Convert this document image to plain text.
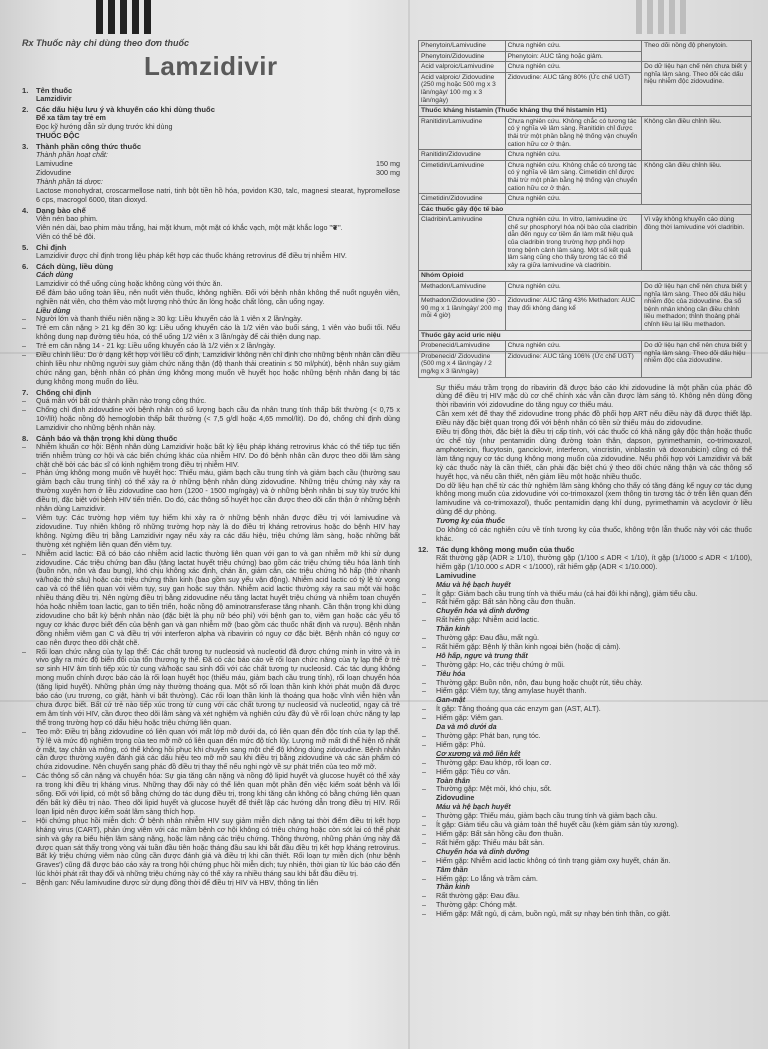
Rx Thuốc này chỉ dùng theo đơn thuốc
Lamzidivir
1.	Tên thuốc
Lamzidivir
2.	Các dấu hiệu lưu ý và khuyến cáo khi dùng thuốc
Để xa tầm tay trẻ em
Đọc kỹ hướng dẫn sử dụng trước khi dùng
THUỐC ĐỘC
3.	Thành phần công thức thuốc
Thành phần hoạt chất:
Lamivudine	150 mg
Zidovudine	300 mg
Thành phần tá dược:
Lactose monohydrat, croscarmellose natri, tinh bột tiền hồ hóa, povidon K30, talc, magnesi stearat, hypromellose 6 cps, macrogol 6000, titan dioxyd.
4.	Dạng bào chế
Viên nén bao phim.
Viên nén dài, bao phim màu trắng, hai mặt khum, một mặt có khắc vạch, một mặt khắc logo "❦".
Viên có thể bẻ đôi.
5.	Chỉ định
Lamzidivir được chỉ định trong liệu pháp kết hợp các thuốc kháng retrovirus để điều trị nhiễm HIV.
6.	Cách dùng, liều dùng
Cách dùng
Lamzidivir có thể uống cùng hoặc không cùng với thức ăn.
Để đảm bảo uống toàn liều, nên nuốt viên thuốc, không nghiền. Đối với bệnh nhân không thể nuốt nguyên viên, nghiền nát viên, cho thêm vào một lượng nhỏ thức ăn lỏng hoặc chất lỏng, cần uống ngay.
Liều dùng
–	Người lớn và thanh thiếu niên nặng ≥ 30 kg: Liều khuyến cáo là 1 viên x 2 lần/ngày.
–	Trẻ em cân nặng > 21 kg đến 30 kg: Liều uống khuyến cáo là 1/2 viên vào buổi sáng, 1 viên vào buổi tối. Nếu không dung nạp đường tiêu hóa, có thể uống 1/2 viên x 3 lần/ngày để cải thiện dung nạp.
–	Trẻ em cân nặng 14 - 21 kg: Liều uống khuyến cáo là 1/2 viên x 2 lần/ngày.
–	Điều chỉnh liều: Do ở dạng kết hợp với liều cố định, Lamzidivir không nên chỉ định cho những bệnh nhân cần điều chỉnh liều như những người suy giảm chức năng thận (độ thanh thải creatinin ≤ 50 ml/phút), bệnh nhân suy giảm chức năng gan, bệnh nhân có phản ứng không mong muốn về huyết học hoặc những bệnh nhân đang bị tác dụng không mong muốn do liều.
7.	Chống chỉ định
–	Quá mẫn với bất cứ thành phần nào trong công thức.
–	Chống chỉ định zidovudine với bệnh nhân có số lượng bạch cầu đa nhân trung tính thấp bất thường (< 0,75 x 10⁹/lít) hoặc nồng độ hemoglobin thấp bất thường (< 7,5 g/dl hoặc 4,65 mmol/lít). Do đó, chống chỉ định dùng Lamzidivir cho những bệnh nhân này.
8.	Cảnh báo và thận trọng khi dùng thuốc
–	Nhiễm khuẩn cơ hội: Bệnh nhân dùng Lamzidivir hoặc bất kỳ liệu pháp kháng retrovirus khác có thể tiếp tục tiến triển nhiễm trùng cơ hội và các biến chứng khác của nhiễm HIV. Do đó bệnh nhân cần được theo dõi lâm sàng chặt chẽ bởi các bác sĩ có kinh nghiệm trong điều trị nhiễm HIV.
–	Phản ứng không mong muốn về huyết học: Thiếu máu, giảm bạch cầu trung tính và giảm bạch cầu (thường sau giảm bạch cầu trung tính) có thể xảy ra ở những bệnh nhân dùng zidovudine. Những triệu chứng này xảy ra thường xuyên hơn ở liều zidovudine cao hơn (1200 - 1500 mg/ngày) và ở những bệnh nhân bị suy tủy trước khi điều trị, đặc biệt với bệnh HIV tiến triển. Do đó, các thông số huyết học cần được theo dõi cẩn thận ở những bệnh nhân dùng Lamzidivir.
–	Viêm tụy: Các trường hợp viêm tụy hiếm khi xảy ra ở những bệnh nhân được điều trị với lamivudine và zidovudine. Tuy nhiên không rõ những trường hợp này là do điều trị kháng retrovirus hoặc do bệnh HIV hay không. Ngừng điều trị bằng Lamzidivir ngay nếu xảy ra các dấu hiệu, triệu chứng lâm sàng, hoặc những bất thường xét nghiệm liên quan đến viêm tụy.
–	Nhiễm acid lactic: Đã có báo cáo nhiễm acid lactic thường liên quan với gan to và gan nhiễm mỡ khi sử dụng zidovudine. Các triệu chứng ban đầu (tăng lactat huyết triệu chứng) bao gồm các triệu chứng tiêu hóa lành tính (buồn nôn, nôn và đau bụng), khó chịu không xác định, chán ăn, giảm cân, các triệu chứng hô hấp (thở nhanh và/hoặc thở sâu) hoặc các triệu chứng thần kinh (bao gồm suy yếu vận động). Nhiễm acid lactic có tỷ lệ tử vong cao và có thể liên quan với viêm tụy, suy gan hoặc suy thận. Nhiễm acid lactic thường xảy ra sau một vài hoặc nhiều tháng điều trị. Nên ngừng điều trị bằng zidovudine nếu tăng lactat huyết triệu chứng và nhiễm toan chuyển hóa hoặc nhiễm toan lactic, gan to tiến triển, hoặc nồng độ aminotransferase tăng nhanh. Cần thận trọng khi dùng zidovudine cho bất kỳ bệnh nhân nào (đặc biệt là phụ nữ béo phì) với bệnh gan to, viêm gan hoặc các yếu tố nguy cơ khác được biết đến của bệnh gan và gan nhiễm mỡ (bao gồm các thuốc nhất định và rượu). Bệnh nhân đồng nhiễm viêm gan C và điều trị với interferon alpha và ribavirin có nguy cơ đặc biệt. Bệnh nhân có nguy cơ cao nên được theo dõi chặt chẽ.
–	Rối loạn chức năng của ty lạp thể: Các chất tương tự nucleosid và nucleotid đã được chứng minh in vitro và in vivo gây ra mức độ biến đổi của tổn thương ty thể. Đã có các báo cáo về rối loạn chức năng của ty lạp thể ở trẻ sơ sinh HIV âm tính tiếp xúc từ cung và/hoặc sau sinh đối với các chất tương tự nucleosid. Các tác dụng không mong muốn chính được báo cáo là rối loạn huyết học (thiếu máu, giảm bạch cầu trung tính), rối loạn chuyển hóa (tăng lipid huyết). Những phản ứng này thường thoáng qua. Một số rối loạn thần kinh khởi phát muộn đã được báo cáo (ưu trương, co giật, hành vi bất thường). Các rối loạn thần kinh là thoáng qua hoặc vĩnh viễn hiện vẫn chưa được biết. Bất cứ trẻ nào tiếp xúc trong tử cung với các chất tương tự nucleosid và nucleotid, ngay cả trẻ em âm tính với HIV, cần được theo dõi lâm sàng và xét nghiệm và nghiên cứu đầy đủ về rối loạn chức năng ty lạp thể trong trường hợp có dấu hiệu hoặc triệu chứng liên quan.
–	Teo mỡ: Điều trị bằng zidovudine có liên quan với mất lớp mỡ dưới da, có liên quan đến độc tính của ty lạp thể. Tỷ lệ và mức độ nghiêm trọng của teo mỡ mỡ có liên quan đến mức độ tích lũy. Lượng mỡ mất đi thể hiện rõ nhất ở mặt, tay chân và mông, có thể không hồi phục khi chuyển sang một chế độ không dùng zidovudine. Bệnh nhân cần được thường xuyên đánh giá các dấu hiệu teo mỡ mỡ sau khi điều trị bằng zidovudine và các sản phẩm có chứa zidovudine. Nên chuyển sang phác đồ điều trị thay thế nếu nghi ngờ về sự phát triển của teo mỡ mỡ.
–	Các thông số cân nặng và chuyển hóa: Sự gia tăng cân nặng và nồng độ lipid huyết và glucose huyết có thể xảy ra trong khi điều trị kháng virus. Những thay đổi này có thể liên quan một phần đến việc kiểm soát bệnh và lối sống. Đối với lipid, có một số bằng chứng do tác dụng điều trị, trong khi tăng cân không có bằng chứng liên quan đến bất kỳ điều trị nào. Theo dõi lipid huyết và glucose huyết để thiết lập các hướng dẫn trong điều trị HIV. Rối loạn lipid nên được kiểm soát lâm sàng thích hợp.
–	Hội chứng phục hồi miễn dịch: Ở bệnh nhân nhiễm HIV suy giảm miễn dịch nặng tại thời điểm điều trị kết hợp kháng virus (CART), phản ứng viêm với các mầm bệnh cơ hội không có triệu chứng hoặc còn sót lại có thể phát sinh và gây ra biểu hiện lâm sàng nặng, hoặc làm nặng các triệu chứng. Thông thường, những phản ứng này đã được quan sát thấy trong vòng vài tuần đầu tiên hoặc tháng đầu sau khi bắt đầu điều trị kết hợp kháng retrovirus. Bất kỳ triệu chứng viêm nào cũng cần được đánh giá và điều trị khi cần thiết. Rối loạn tự miễn dịch (như bệnh Graves') cũng đã được báo cáo xảy ra trong hội chứng phục hồi miễn dịch; tuy nhiên, thời gian từ lúc báo cáo đến lúc khởi phát rất thay đổi và những triệu chứng này có thể xảy ra nhiều tháng sau khi bắt đầu điều trị.
–	Bệnh gan: Nếu lamivudine được sử dụng đồng thời để điều trị HIV và HBV, thông tin liên
Phenytoin/Lamivudine	Chưa nghiên cứu.	Theo dõi nồng độ phenytoin.
Phenytoin/Zidovudine	Phenytoin: AUC tăng hoặc giảm.	
Acid valproic/Lamivudine	Chưa nghiên cứu.	Do dữ liệu hạn chế nên chưa biết ý nghĩa lâm sàng. Theo dõi các dấu hiệu nhiễm độc zidovudine.
Acid valproic/ Zidovudine (250 mg hoặc 500 mg x 3 lần/ngày/ 100 mg x 3 lần/ngày)	Zidovudine: AUC tăng 80% (Ức chế UGT)	
Thuốc kháng histamin (Thuốc kháng thụ thể histamin H1)		
Ranitidin/Lamivudine	Chưa nghiên cứu. Không chắc có tương tác có ý nghĩa về lâm sàng. Ranitidin chỉ được thải trừ một phần bằng hệ thống vận chuyển cation hữu cơ ở thận.	Không cần điều chỉnh liều.
Ranitidin/Zidovudine	Chưa nghiên cứu.	
Cimetidin/Lamivudine	Chưa nghiên cứu. Không chắc có tương tác có ý nghĩa về lâm sàng. Cimetidin chỉ được thải trừ một phần bằng hệ thống vận chuyển cation hữu cơ ở thận.	Không cần điều chỉnh liều.
Cimetidin/Zidovudine	Chưa nghiên cứu.	
Các thuốc gây độc tế bào		
Cladribin/Lamivudine	Chưa nghiên cứu. In vitro, lamivudine ức chế sự phosphoryl hóa nội bào của cladribin dẫn đến nguy cơ tiềm ẩn làm mất hiệu quả của cladribin trong trường hợp phối hợp trong bệnh cảnh lâm sàng. Một số kết quả lâm sàng cũng cho thấy tương tác có thể xảy ra giữa lamivudine và cladribin.	Vì vậy không khuyến cáo dùng đồng thời lamivudine với cladribin.
Nhóm Opioid		
Methadon/Lamivudine	Chưa nghiên cứu.	Do dữ liệu hạn chế nên chưa biết ý nghĩa lâm sàng. Theo dõi dấu hiệu nhiễm độc của zidovudine. Đa số bệnh nhân không cần điều chỉnh liều methadon; thỉnh thoảng phải chỉnh liều lại liều methadon.
Methadon/Zidovudine (30 - 90 mg x 1 lần/ngày/ 200 mg mỗi 4 giờ)	Zidovudine: AUC tăng 43% Methadon: AUC thay đổi không đáng kể	
Thuốc gây acid uric niệu		
Probenecid/Lamivudine	Chưa nghiên cứu.	Do dữ liệu hạn chế nên chưa biết ý nghĩa lâm sàng. Theo dõi dấu hiệu nhiễm độc của zidovudine.
Probenecid/ Zidovudine (500 mg x 4 lần/ngày / 2 mg/kg x 3 lần/ngày)	Zidovudine: AUC tăng 106% (Ức chế UGT)	
Sự thiếu máu trầm trọng do ribavirin đã được báo cáo khi zidovudine là một phần của phác đồ dùng để điều trị HIV mặc dù cơ chế chính xác vẫn cần được làm sáng tỏ. Không nên dùng đồng thời ribavirin với zidovudine do tăng nguy cơ thiếu máu.
Cần xem xét để thay thế zidovudine trong phác đồ phối hợp ART nếu điều này đã được thiết lập. Điều này đặc biệt quan trọng đối với bệnh nhân có tiền sử thiếu máu do zidovudine.
Điều trị đồng thời, đặc biệt là điều trị cấp tính, với các thuốc có khả năng gây độc thận hoặc thuốc ức chế tủy (như pentamidin dùng đường toàn thân, dapson, pyrimethamin, co-trimoxazol, amphotericin, flucytosin, ganciclovir, interferon, vincristin, vinblastin và doxorubicin) cũng có thể làm tăng nguy cơ tác dụng không mong muốn của zidovudine. Nếu phối hợp với Lamzidivir và bất kỳ các thuốc này là cần thiết, cần phải đặc biệt chú ý theo dõi chức năng thận và các thông số huyết học, và nếu cần thiết, nên giảm liều một hoặc nhiều thuốc.
Do dữ liệu hạn chế từ các thử nghiệm lâm sàng không cho thấy có tăng đáng kể nguy cơ tác dụng không mong muốn của zidovudine với co-trimoxazol (xem thông tin tương tác ở trên liên quan đến lamivudine và co-trimoxazol), thuốc pentamidin dạng khí dung, pyrimethamin và acyclovir ở liều dùng để dự phòng.
Tương kỵ của thuốc
Do không có các nghiên cứu về tính tương kỵ của thuốc, không trộn lẫn thuốc này với các thuốc khác.
12.	Tác dụng không mong muốn của thuốc
Rất thường gặp (ADR ≥ 1/10), thường gặp (1/100 ≤ ADR < 1/10), ít gặp (1/1000 ≤ ADR < 1/100), hiếm gặp (1/10.000 ≤ ADR < 1/1000), rất hiếm gặp (ADR < 1/10.000).
Lamivudine
Máu và hệ bạch huyết
–	Ít gặp: Giảm bạch cầu trung tính và thiếu máu (cả hai đôi khi nặng), giảm tiểu cầu.
–	Rất hiếm gặp: Bất sản hồng cầu đơn thuần.
Chuyển hóa và dinh dưỡng
–	Rất hiếm gặp: Nhiễm acid lactic.
Thần kinh
–	Thường gặp: Đau đầu, mất ngủ.
–	Rất hiếm gặp: Bệnh lý thần kinh ngoại biên (hoặc dị cảm).
Hô hấp, ngực và trung thất
–	Thường gặp: Ho, các triệu chứng ở mũi.
Tiêu hóa
–	Thường gặp: Buồn nôn, nôn, đau bụng hoặc chuột rút, tiêu chảy.
–	Hiếm gặp: Viêm tụy, tăng amylase huyết thanh.
Gan-mật
–	Ít gặp: Tăng thoáng qua các enzym gan (AST, ALT).
–	Hiếm gặp: Viêm gan.
Da và mô dưới da
–	Thường gặp: Phát ban, rụng tóc.
–	Hiếm gặp: Phù.
Cơ xương và mô liên kết
–	Thường gặp: Đau khớp, rối loạn cơ.
–	Hiếm gặp: Tiêu cơ vân.
Toàn thân
–	Thường gặp: Mệt mỏi, khó chịu, sốt.
Zidovudine
Máu và hệ bạch huyết
–	Thường gặp: Thiếu máu, giảm bạch cầu trung tính và giảm bạch cầu.
–	Ít gặp: Giảm tiểu cầu và giảm toàn thể huyết cầu (kèm giảm sản tủy xương).
–	Hiếm gặp: Bất sản hồng cầu đơn thuần.
–	Rất hiếm gặp: Thiếu máu bất sản.
Chuyển hóa và dinh dưỡng
–	Hiếm gặp: Nhiễm acid lactic không có tình trạng giảm oxy huyết, chán ăn.
Tâm thần
–	Hiếm gặp: Lo lắng và trầm cảm.
Thần kinh
–	Rất thường gặp: Đau đầu.
–	Thường gặp: Chóng mặt.
–	Hiếm gặp: Mất ngủ, dị cảm, buồn ngủ, mất sự nhạy bén tinh thần, co giật.
